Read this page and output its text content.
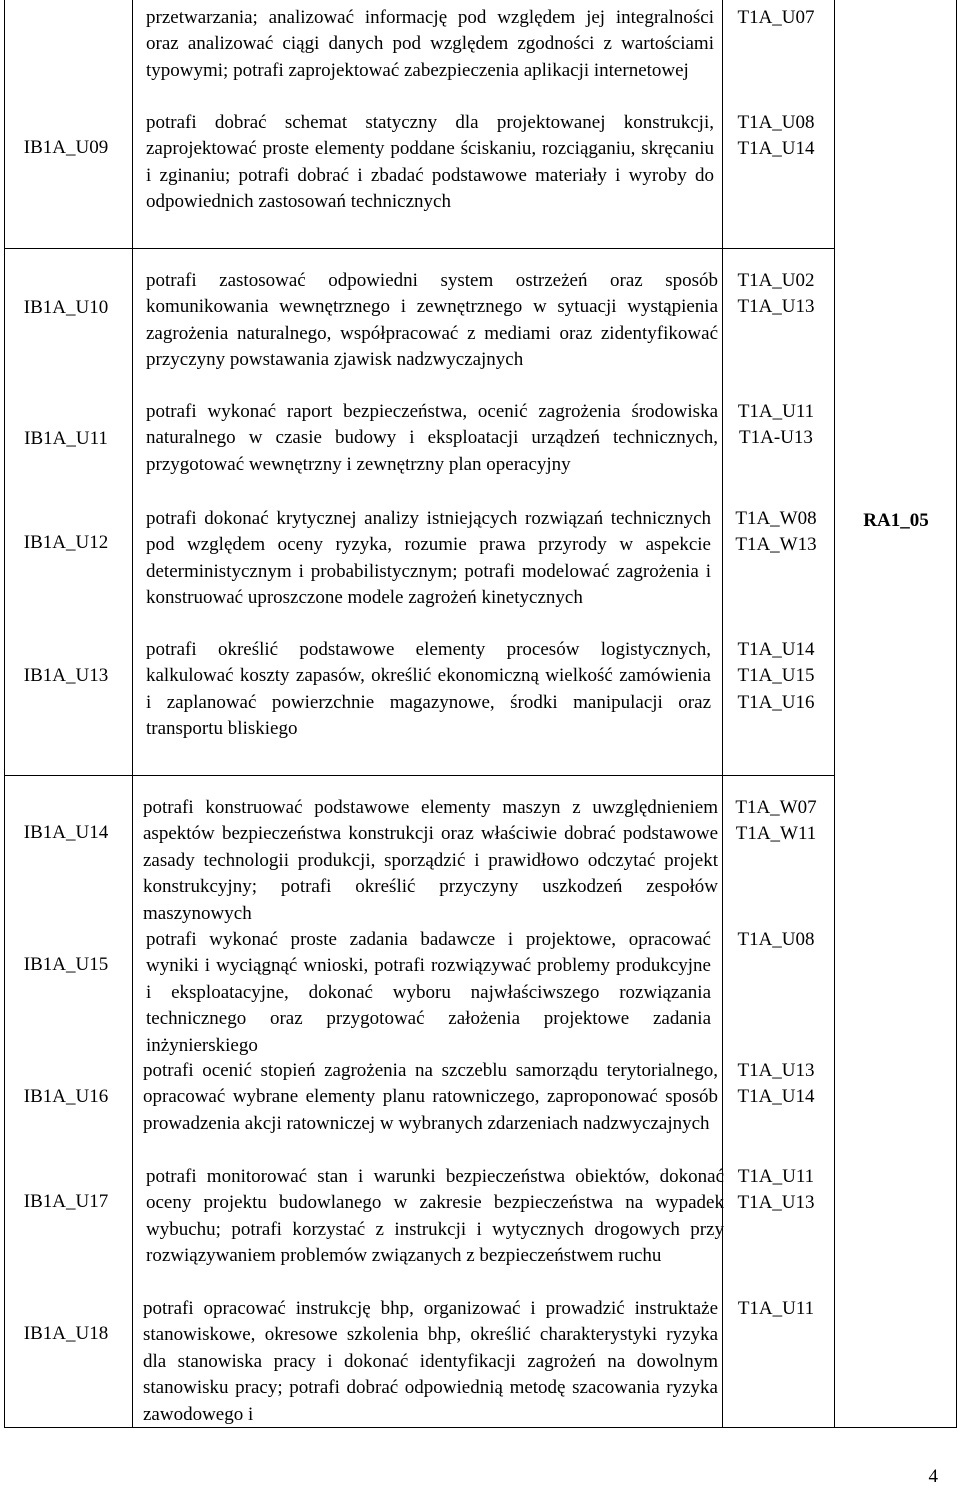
IB1A_U09
przetwarzania; analizować informację pod względem jej integralności oraz analizować ciągi danych pod względem zgodności z wartościami typowymi; potrafi zaprojektować zabezpieczenia aplikacji internetowej
T1A_U07
potrafi dobrać schemat statyczny dla projektowanej konstrukcji, zaprojektować proste elementy poddane ściskaniu, rozciąganiu, skręcaniu i zginaniu; potrafi dobrać i zbadać podstawowe materiały i wyroby do odpowiednich zastosowań technicznych
T1A_U08
T1A_U14
IB1A_U10
potrafi zastosować odpowiedni system ostrzeżeń oraz sposób komunikowania wewnętrznego i zewnętrznego w sytuacji wystąpienia zagrożenia naturalnego, współpracować z mediami oraz zidentyfikować przyczyny powstawania zjawisk nadzwyczajnych
T1A_U02
T1A_U13
IB1A_U11
potrafi wykonać raport bezpieczeństwa, ocenić zagrożenia środowiska naturalnego w czasie budowy i eksploatacji urządzeń technicznych, przygotować wewnętrzny i zewnętrzny plan operacyjny
T1A_U11
T1A-U13
IB1A_U12
potrafi dokonać krytycznej analizy istniejących rozwiązań technicznych pod względem oceny ryzyka, rozumie prawa przyrody w aspekcie deterministycznym i probabilistycznym; potrafi modelować zagrożenia i konstruować uproszczone modele zagrożeń kinetycznych
T1A_W08
T1A_W13
IB1A_U13
potrafi określić podstawowe elementy procesów logistycznych, kalkulować koszty zapasów, określić ekonomiczną wielkość zamówienia i zaplanować powierzchnie magazynowe, środki manipulacji oraz transportu bliskiego
T1A_U14
T1A_U15
T1A_U16
RA1_05
IB1A_U14
potrafi konstruować podstawowe elementy maszyn z uwzględnieniem aspektów bezpieczeństwa konstrukcji oraz właściwie dobrać podstawowe zasady technologii produkcji, sporządzić i prawidłowo odczytać projekt konstrukcyjny; potrafi określić przyczyny uszkodzeń zespołów maszynowych
T1A_W07
T1A_W11
IB1A_U15
potrafi wykonać proste zadania badawcze i projektowe, opracować wyniki i wyciągnąć wnioski, potrafi rozwiązywać problemy produkcyjne i eksploatacyjne, dokonać wyboru najwłaściwszego rozwiązania technicznego oraz przygotować założenia projektowe zadania inżynierskiego
T1A_U08
IB1A_U16
potrafi ocenić stopień zagrożenia na szczeblu samorządu terytorialnego, opracować wybrane elementy planu ratowniczego, zaproponować sposób prowadzenia akcji ratowniczej w wybranych zdarzeniach nadzwyczajnych
T1A_U13
T1A_U14
IB1A_U17
potrafi monitorować stan i warunki bezpieczeństwa obiektów, dokonać oceny projektu budowlanego w zakresie bezpieczeństwa na wypadek wybuchu; potrafi korzystać z instrukcji i wytycznych drogowych przy rozwiązywaniem problemów związanych z bezpieczeństwem ruchu
T1A_U11
T1A_U13
IB1A_U18
potrafi opracować instrukcję bhp, organizować i prowadzić instruktaże stanowiskowe, okresowe szkolenia bhp, określić charakterystyki ryzyka dla stanowiska pracy i dokonać identyfikacji zagrożeń na dowolnym stanowisku pracy; potrafi dobrać odpowiednią metodę szacowania ryzyka zawodowego i
T1A_U11
4
